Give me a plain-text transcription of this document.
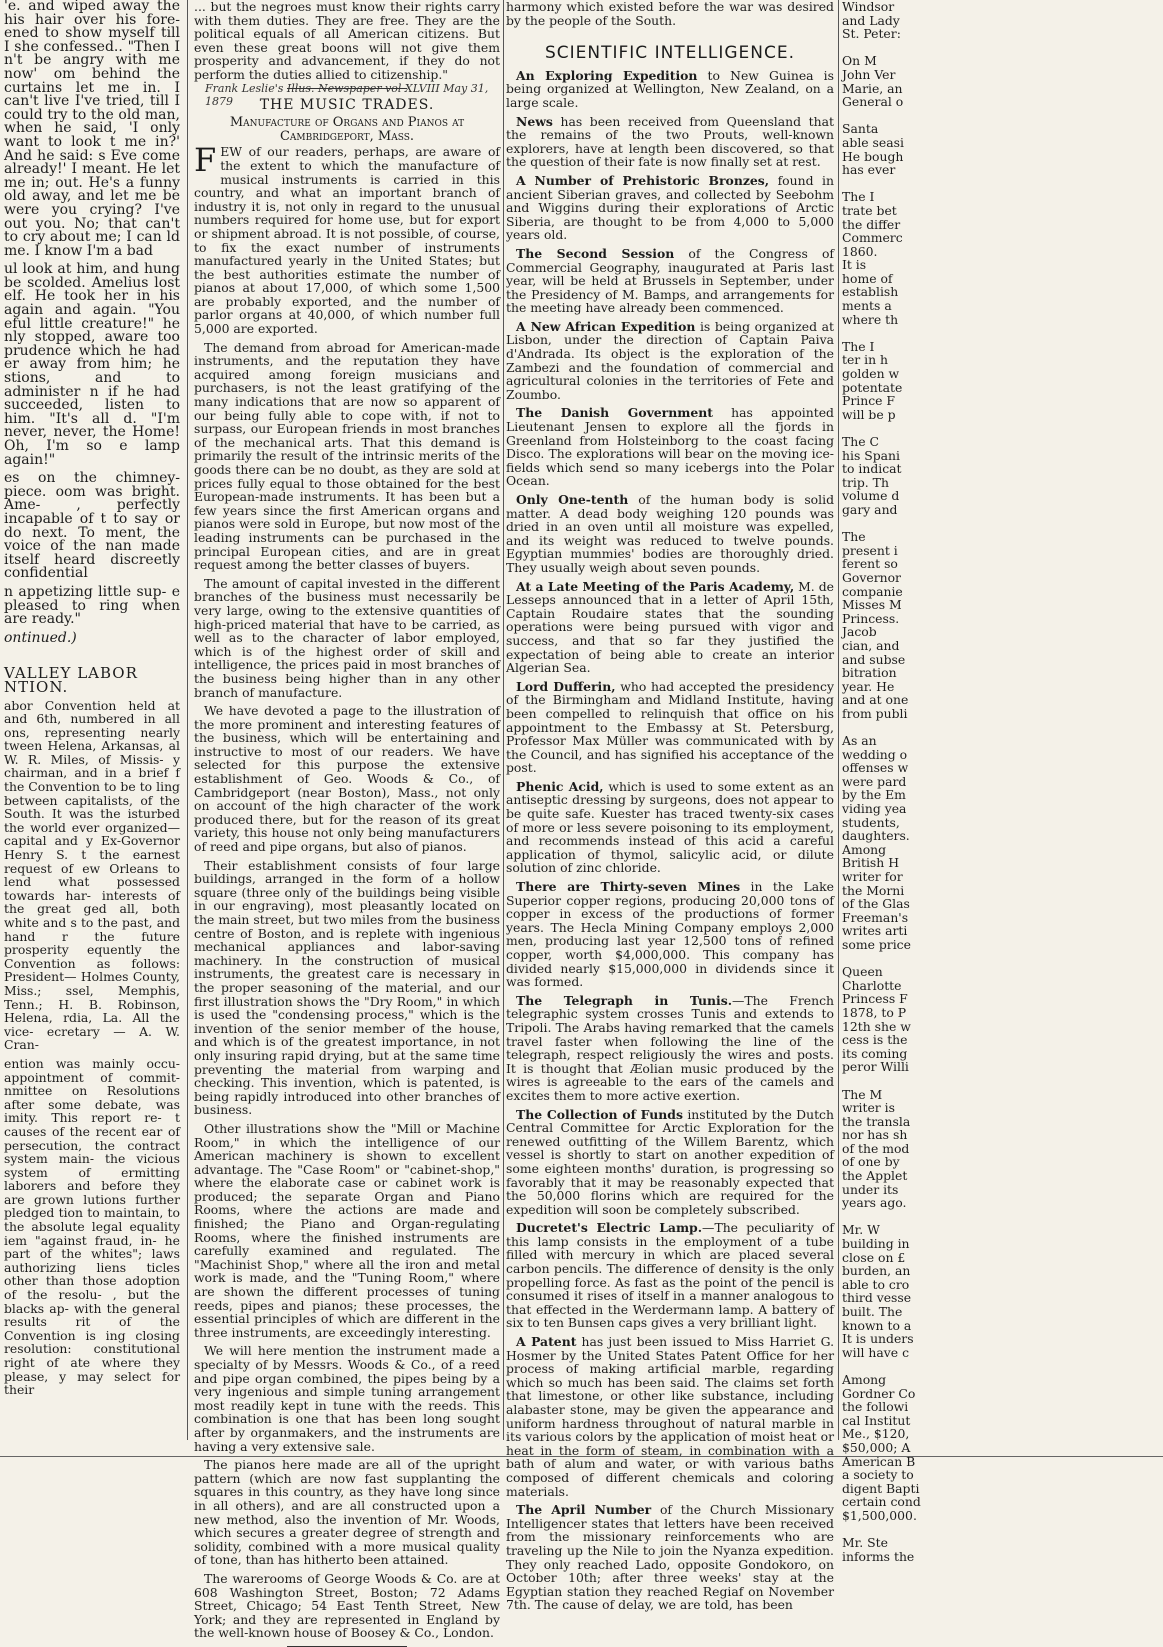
'e. and wiped away the his hair over his fore- ened to show myself till I she confessed.. "Then I n't be angry with me now' om behind the curtains let me in. I can't live I've tried, till I could try to the old man, when he said, 'I only want to look t me in?' And he said: s Eve come already!' I meant. He let me in; out. He's a funny old away, and let me be were you crying? I've out you. No; that can't to cry about me; I can ld me. I know I'm a bad

ul look at him, and hung be scolded. Amelius lost elf. He took her in his again and again. "You eful little creature!" he nly stopped, aware too prudence which he had er away from him; he stions, and to administer n if he had succeeded, listen to him. "It's all d. "I'm never, never, the Home! Oh, I'm so e lamp again!"

es on the chimney-piece. oom was bright. Ame- , perfectly incapable of t to say or do next. To ment, the voice of the nan made itself heard discreetly confidential

n appetizing little sup- e pleased to ring when are ready."

ontinued.)

VALLEY LABOR NTION.

abor Convention held at and 6th, numbered in all ons, representing nearly tween Helena, Arkansas, al W. R. Miles, of Missis- y chairman, and in a brief f the Convention to be to ling between capitalists, of the South. It was the isturbed the world ever organized—capital and y Ex-Governor Henry S. t the earnest request of ew Orleans to lend what possessed towards har- interests of the great ged all, both white and s to the past, and hand r the future prosperity equently the Convention as follows: President— Holmes County, Miss.; ssel, Memphis, Tenn.; H. B. Robinson, Helena, rdia, La. All the vice- ecretary — A. W. Cran-

ention was mainly occu- appointment of commit- nmittee on Resolutions after some debate, was imity. This report re- t causes of the recent ear of persecution, the contract system main- the vicious system of ermitting laborers and before they are grown lutions further pledged tion to maintain, to the absolute legal equality iem "against fraud, in- he part of the whites"; laws authorizing liens ticles other than those adoption of the resolu- , but the blacks ap- with the general results rit of the Convention is ing closing resolution: constitutional right of ate where they please, y may select for their

... but the negroes must know their rights carry with them duties. They are free. They are the political equals of all American citizens. But even these great boons will not give them prosperity and advancement, if they do not perform the duties allied to citizenship."

THE MUSIC TRADES.
Manufacture of Organs and Pianos at Cambridgeport, Mass.

FEW of our readers, perhaps, are aware of the extent to which the manufacture of musical instruments is carried in this country, and what an important branch of industry it is, not only in regard to the unusual numbers required for home use, but for export or shipment abroad. It is not possible, of course, to fix the exact number of instruments manufactured yearly in the United States; but the best authorities estimate the number of pianos at about 17,000, of which some 1,500 are probably exported, and the number of parlor organs at 40,000, of which number full 5,000 are exported.

The demand from abroad for American-made instruments, and the reputation they have acquired among foreign musicians and purchasers, is not the least gratifying of the many indications that are now so apparent of our being fully able to cope with, if not to surpass, our European friends in most branches of the mechanical arts. That this demand is primarily the result of the intrinsic merits of the goods there can be no doubt, as they are sold at prices fully equal to those obtained for the best European-made instruments. It has been but a few years since the first American organs and pianos were sold in Europe, but now most of the leading instruments can be purchased in the principal European cities, and are in great request among the better classes of buyers.

The amount of capital invested in the different branches of the business must necessarily be very large, owing to the extensive quantities of high-priced material that have to be carried, as well as to the character of labor employed, which is of the highest order of skill and intelligence, the prices paid in most branches of the business being higher than in any other branch of manufacture.

We have devoted a page to the illustration of the more prominent and interesting features of the business, which will be entertaining and instructive to most of our readers. We have selected for this purpose the extensive establishment of Geo. Woods & Co., of Cambridgeport (near Boston), Mass., not only on account of the high character of the work produced there, but for the reason of its great variety, this house not only being manufacturers of reed and pipe organs, but also of pianos.

Their establishment consists of four large buildings, arranged in the form of a hollow square (three only of the buildings being visible in our engraving), most pleasantly located on the main street, but two miles from the business centre of Boston, and is replete with ingenious mechanical appliances and labor-saving machinery. In the construction of musical instruments, the greatest care is necessary in the proper seasoning of the material, and our first illustration shows the "Dry Room," in which is used the "condensing process," which is the invention of the senior member of the house, and which is of the greatest importance, in not only insuring rapid drying, but at the same time preventing the material from warping and checking. This invention, which is patented, is being rapidly introduced into other branches of business.

Other illustrations show the "Mill or Machine Room," in which the intelligence of our American machinery is shown to excellent advantage. The "Case Room" or "cabinet-shop," where the elaborate case or cabinet work is produced; the separate Organ and Piano Rooms, where the actions are made and finished; the Piano and Organ-regulating Rooms, where the finished instruments are carefully examined and regulated. The "Machinist Shop," where all the iron and metal work is made, and the "Tuning Room," where are shown the different processes of tuning reeds, pipes and pianos; these processes, the essential principles of which are different in the three instruments, are exceedingly interesting.

We will here mention the instrument made a specialty of by Messrs. Woods & Co., of a reed and pipe organ combined, the pipes being by a very ingenious and simple tuning arrangement most readily kept in tune with the reeds. This combination is one that has been long sought after by organmakers, and the instruments are having a very extensive sale.

The pianos here made are all of the upright pattern (which are now fast supplanting the squares in this country, as they have long since in all others), and are all constructed upon a new method, also the invention of Mr. Woods, which secures a greater degree of strength and solidity, combined with a more musical quality of tone, than has hitherto been attained.

The warerooms of George Woods & Co. are at 608 Washington Street, Boston; 72 Adams Street, Chicago; 54 East Tenth Street, New York; and they are represented in England by the well-known house of Boosey & Co., London.

Frank Leslie's Illus. Newspaper vol XLVIII May 31, 1879

harmony which existed before the war was desired by the people of the South.

SCIENTIFIC INTELLIGENCE.

An Exploring Expedition to New Guinea is being organized at Wellington, New Zealand, on a large scale.

News has been received from Queensland that the remains of the two Prouts, well-known explorers, have at length been discovered, so that the question of their fate is now finally set at rest.

A Number of Prehistoric Bronzes, found in ancient Siberian graves, and collected by Seebohm and Wiggins during their explorations of Arctic Siberia, are thought to be from 4,000 to 5,000 years old.

The Second Session of the Congress of Commercial Geography, inaugurated at Paris last year, will be held at Brussels in September, under the Presidency of M. Bamps, and arrangements for the meeting have already been commenced.

A New African Expedition is being organized at Lisbon, under the direction of Captain Paiva d'Andrada. Its object is the exploration of the Zambezi and the foundation of commercial and agricultural colonies in the territories of Fete and Zoumbo.

The Danish Government has appointed Lieutenant Jensen to explore all the fjords in Greenland from Holsteinborg to the coast facing Disco. The explorations will bear on the moving ice-fields which send so many icebergs into the Polar Ocean.

Only One-tenth of the human body is solid matter. A dead body weighing 120 pounds was dried in an oven until all moisture was expelled, and its weight was reduced to twelve pounds. Egyptian mummies' bodies are thoroughly dried. They usually weigh about seven pounds.

At a Late Meeting of the Paris Academy, M. de Lesseps announced that in a letter of April 15th, Captain Roudaire states that the sounding operations were being pursued with vigor and success, and that so far they justified the expectation of being able to create an interior Algerian Sea.

Lord Dufferin, who had accepted the presidency of the Birmingham and Midland Institute, having been compelled to relinquish that office on his appointment to the Embassy at St. Petersburg, Professor Max Müller was communicated with by the Council, and has signified his acceptance of the post.

Phenic Acid, which is used to some extent as an antiseptic dressing by surgeons, does not appear to be quite safe. Kuester has traced twenty-six cases of more or less severe poisoning to its employment, and recommends instead of this acid a careful application of thymol, salicylic acid, or dilute solution of zinc chloride.

There are Thirty-seven Mines in the Lake Superior copper regions, producing 20,000 tons of copper in excess of the productions of former years. The Hecla Mining Company employs 2,000 men, producing last year 12,500 tons of refined copper, worth $4,000,000. This company has divided nearly $15,000,000 in dividends since it was formed.

The Telegraph in Tunis.—The French telegraphic system crosses Tunis and extends to Tripoli. The Arabs having remarked that the camels travel faster when following the line of the telegraph, respect religiously the wires and posts. It is thought that Æolian music produced by the wires is agreeable to the ears of the camels and excites them to more active exertion.

The Collection of Funds instituted by the Dutch Central Committee for Arctic Exploration for the renewed outfitting of the Willem Barentz, which vessel is shortly to start on another expedition of some eighteen months' duration, is progressing so favorably that it may be reasonably expected that the 50,000 florins which are required for the expedition will soon be completely subscribed.

Ducretet's Electric Lamp.—The peculiarity of this lamp consists in the employment of a tube filled with mercury in which are placed several carbon pencils. The difference of density is the only propelling force. As fast as the point of the pencil is consumed it rises of itself in a manner analogous to that effected in the Werdermann lamp. A battery of six to ten Bunsen caps gives a very brilliant light.

A Patent has just been issued to Miss Harriet G. Hosmer by the United States Patent Office for her process of making artificial marble, regarding which so much has been said. The claims set forth that limestone, or other like substance, including alabaster stone, may be given the appearance and uniform hardness throughout of natural marble in its various colors by the application of moist heat or heat in the form of steam, in combination with a bath of alum and water, or with various baths composed of different chemicals and coloring materials.

The April Number of the Church Missionary Intelligencer states that letters have been received from the missionary reinforcements who are traveling up the Nile to join the Nyanza expedition. They only reached Lado, opposite Gondokoro, on October 10th; after three weeks' stay at the Egyptian station they reached Regiaf on November 7th. The cause of delay, we are told, has been

Windsor
and Lady
St. Peter:
On M
John Ver
Marie, an
General o
Santa
able seasi
He bough
has ever
The I
trate bet
the differ
Commerc
1860.
It is
home of
establish
ments a
where th
The I
ter in h
golden w
potentate
Prince F
will be p
The C
his Spani
to indicat
trip. Th
volume d
gary and
The
present i
ferent so
Governor
companie
Misses M
Princess.
Jacob
cian, and
and subse
bitration
year. He
and at one
from publi
As an
wedding o
offenses w
were pard
by the Em
viding yea
students,
daughters.
Among
British H
writer for
the Morni
of the Glas
Freeman's
writes arti
some price
Queen
Charlotte
Princess F
1878, to P
12th she w
cess is the
its coming
peror Willi
The M
writer is
the transla
nor has sh
of the mod
of one by
the Applet
under its
years ago.
Mr. W
building in
close on £
burden, an
able to cro
third vesse
built. The
known to a
It is unders
will have c
Among
Gordner Co
the followi
cal Institut
Me., $120,
$50,000; A
American B
a society to
digent Bapti
certain cond
$1,500,000.
Mr. Ste
informs the
